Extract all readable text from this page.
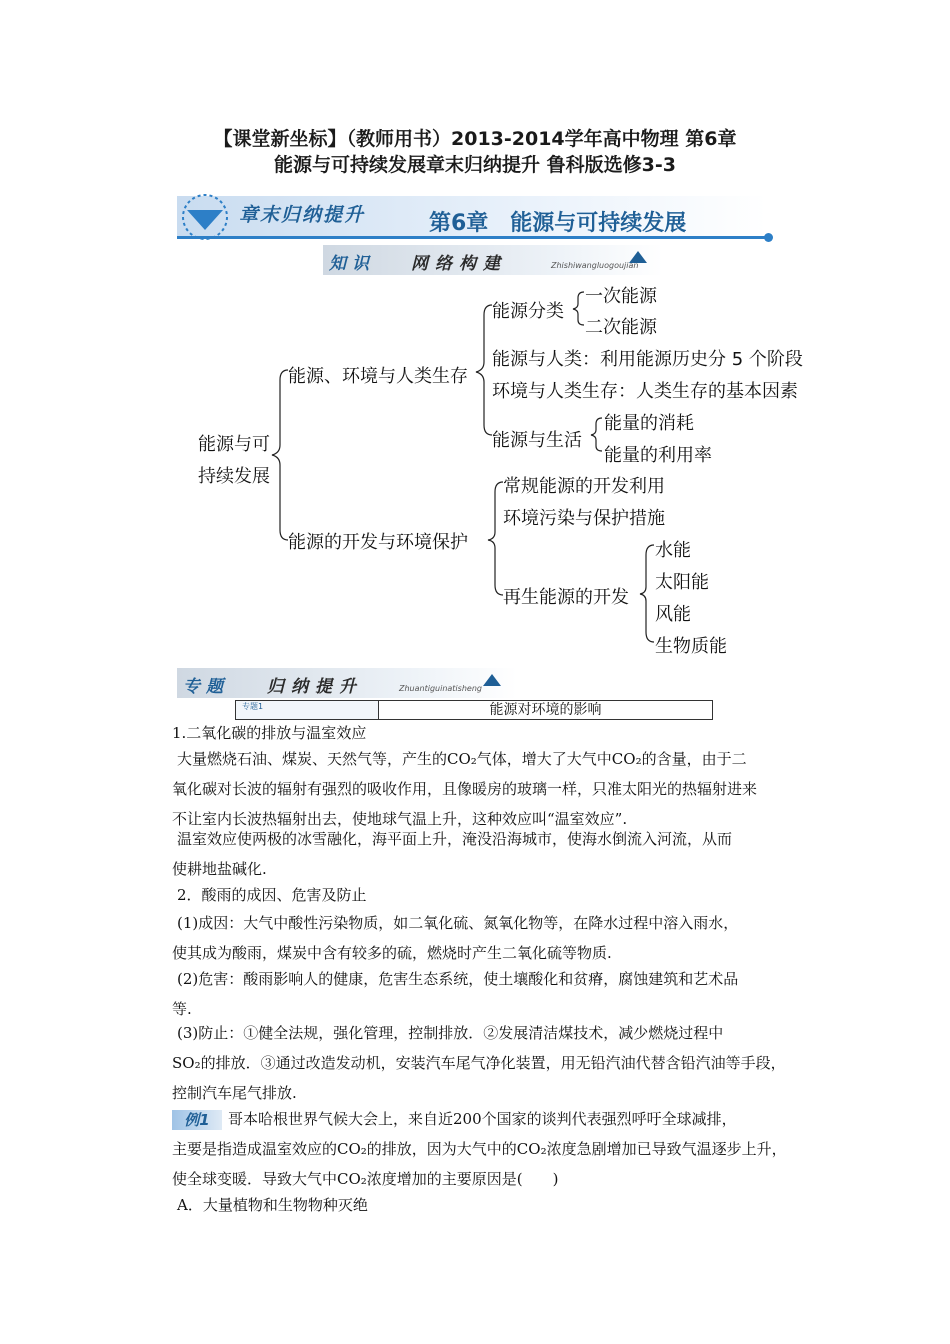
【课堂新坐标】（教师用书）2013-2014学年高中物理 第6章
能源与可持续发展章末归纳提升 鲁科版选修3-3
章末归纳提升	第6章　能源与可持续发展
知识 网络构建	Zhishiwangluogoujian
能源与可
持续发展
能源、环境与人类生存
能源分类
一次能源
二次能源
能源与人类：利用能源历史分 5 个阶段
环境与人类生存：人类生存的基本因素
能源与生活
能量的消耗
能量的利用率
能源的开发与环境保护
常规能源的开发利用
环境污染与保护措施
再生能源的开发
水能
太阳能
风能
生物质能
专题 归纳提升	Zhuantiguinatisheng
专题1	能源对环境的影响
1.二氧化碳的排放与温室效应
大量燃烧石油、煤炭、天然气等，产生的CO₂气体，增大了大气中CO₂的含量，由于二
氧化碳对长波的辐射有强烈的吸收作用，且像暖房的玻璃一样，只准太阳光的热辐射进来
不让室内长波热辐射出去，使地球气温上升，这种效应叫“温室效应”.
温室效应使两极的冰雪融化，海平面上升，淹没沿海城市，使海水倒流入河流，从而
使耕地盐碱化.
2．酸雨的成因、危害及防止
(1)成因：大气中酸性污染物质，如二氧化硫、氮氧化物等，在降水过程中溶入雨水，
使其成为酸雨，煤炭中含有较多的硫，燃烧时产生二氧化硫等物质.
(2)危害：酸雨影响人的健康，危害生态系统，使土壤酸化和贫瘠，腐蚀建筑和艺术品
等.
(3)防止：①健全法规，强化管理，控制排放．②发展清洁煤技术，减少燃烧过程中
SO₂的排放．③通过改造发动机，安装汽车尾气净化装置，用无铅汽油代替含铅汽油等手段，
控制汽车尾气排放.
例1 哥本哈根世界气候大会上，来自近200个国家的谈判代表强烈呼吁全球减排，
主要是指造成温室效应的CO₂的排放，因为大气中的CO₂浓度急剧增加已导致气温逐步上升，
使全球变暖．导致大气中CO₂浓度增加的主要原因是(　　)
A．大量植物和生物物种灭绝
